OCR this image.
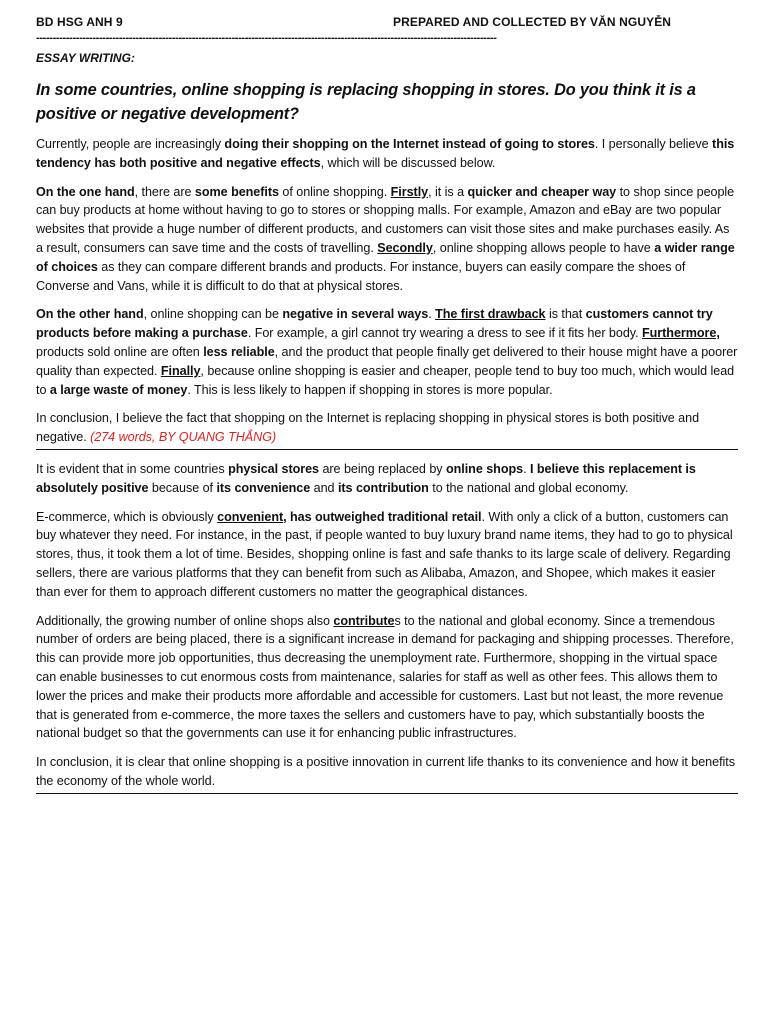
BD HSG ANH 9	PREPARED AND COLLECTED BY VĂN NGUYỄN
-------------------------------------------------------------------------------------------------------------------------------------------
ESSAY WRITING:
In some countries, online shopping is replacing shopping in stores. Do you think it is a positive or negative development?

Currently, people are increasingly doing their shopping on the Internet instead of going to stores. I personally believe this tendency has both positive and negative effects, which will be discussed below.

On the one hand, there are some benefits of online shopping. Firstly, it is a quicker and cheaper way to shop since people can buy products at home without having to go to stores or shopping malls. For example, Amazon and eBay are two popular websites that provide a huge number of different products, and customers can visit those sites and make purchases easily. As a result, consumers can save time and the costs of travelling. Secondly, online shopping allows people to have a wider range of choices as they can compare different brands and products. For instance, buyers can easily compare the shoes of Converse and Vans, while it is difficult to do that at physical stores.

On the other hand, online shopping can be negative in several ways. The first drawback is that customers cannot try products before making a purchase. For example, a girl cannot try wearing a dress to see if it fits her body. Furthermore, products sold online are often less reliable, and the product that people finally get delivered to their house might have a poorer quality than expected. Finally, because online shopping is easier and cheaper, people tend to buy too much, which would lead to a large waste of money. This is less likely to happen if shopping in stores is more popular.

In conclusion, I believe the fact that shopping on the Internet is replacing shopping in physical stores is both positive and negative. (274 words, BY QUANG THẮNG)

It is evident that in some countries physical stores are being replaced by online shops. I believe this replacement is absolutely positive because of its convenience and its contribution to the national and global economy.

E-commerce, which is obviously convenient, has outweighed traditional retail. With only a click of a button, customers can buy whatever they need. For instance, in the past, if people wanted to buy luxury brand name items, they had to go to physical stores, thus, it took them a lot of time. Besides, shopping online is fast and safe thanks to its large scale of delivery. Regarding sellers, there are various platforms that they can benefit from such as Alibaba, Amazon, and Shopee, which makes it easier than ever for them to approach different customers no matter the geographical distances.

Additionally, the growing number of online shops also contributes to the national and global economy. Since a tremendous number of orders are being placed, there is a significant increase in demand for packaging and shipping processes. Therefore, this can provide more job opportunities, thus decreasing the unemployment rate. Furthermore, shopping in the virtual space can enable businesses to cut enormous costs from maintenance, salaries for staff as well as other fees. This allows them to lower the prices and make their products more affordable and accessible for customers. Last but not least, the more revenue that is generated from e-commerce, the more taxes the sellers and customers have to pay, which substantially boosts the national budget so that the governments can use it for enhancing public infrastructures.

In conclusion, it is clear that online shopping is a positive innovation in current life thanks to its convenience and how it benefits the economy of the whole world.
